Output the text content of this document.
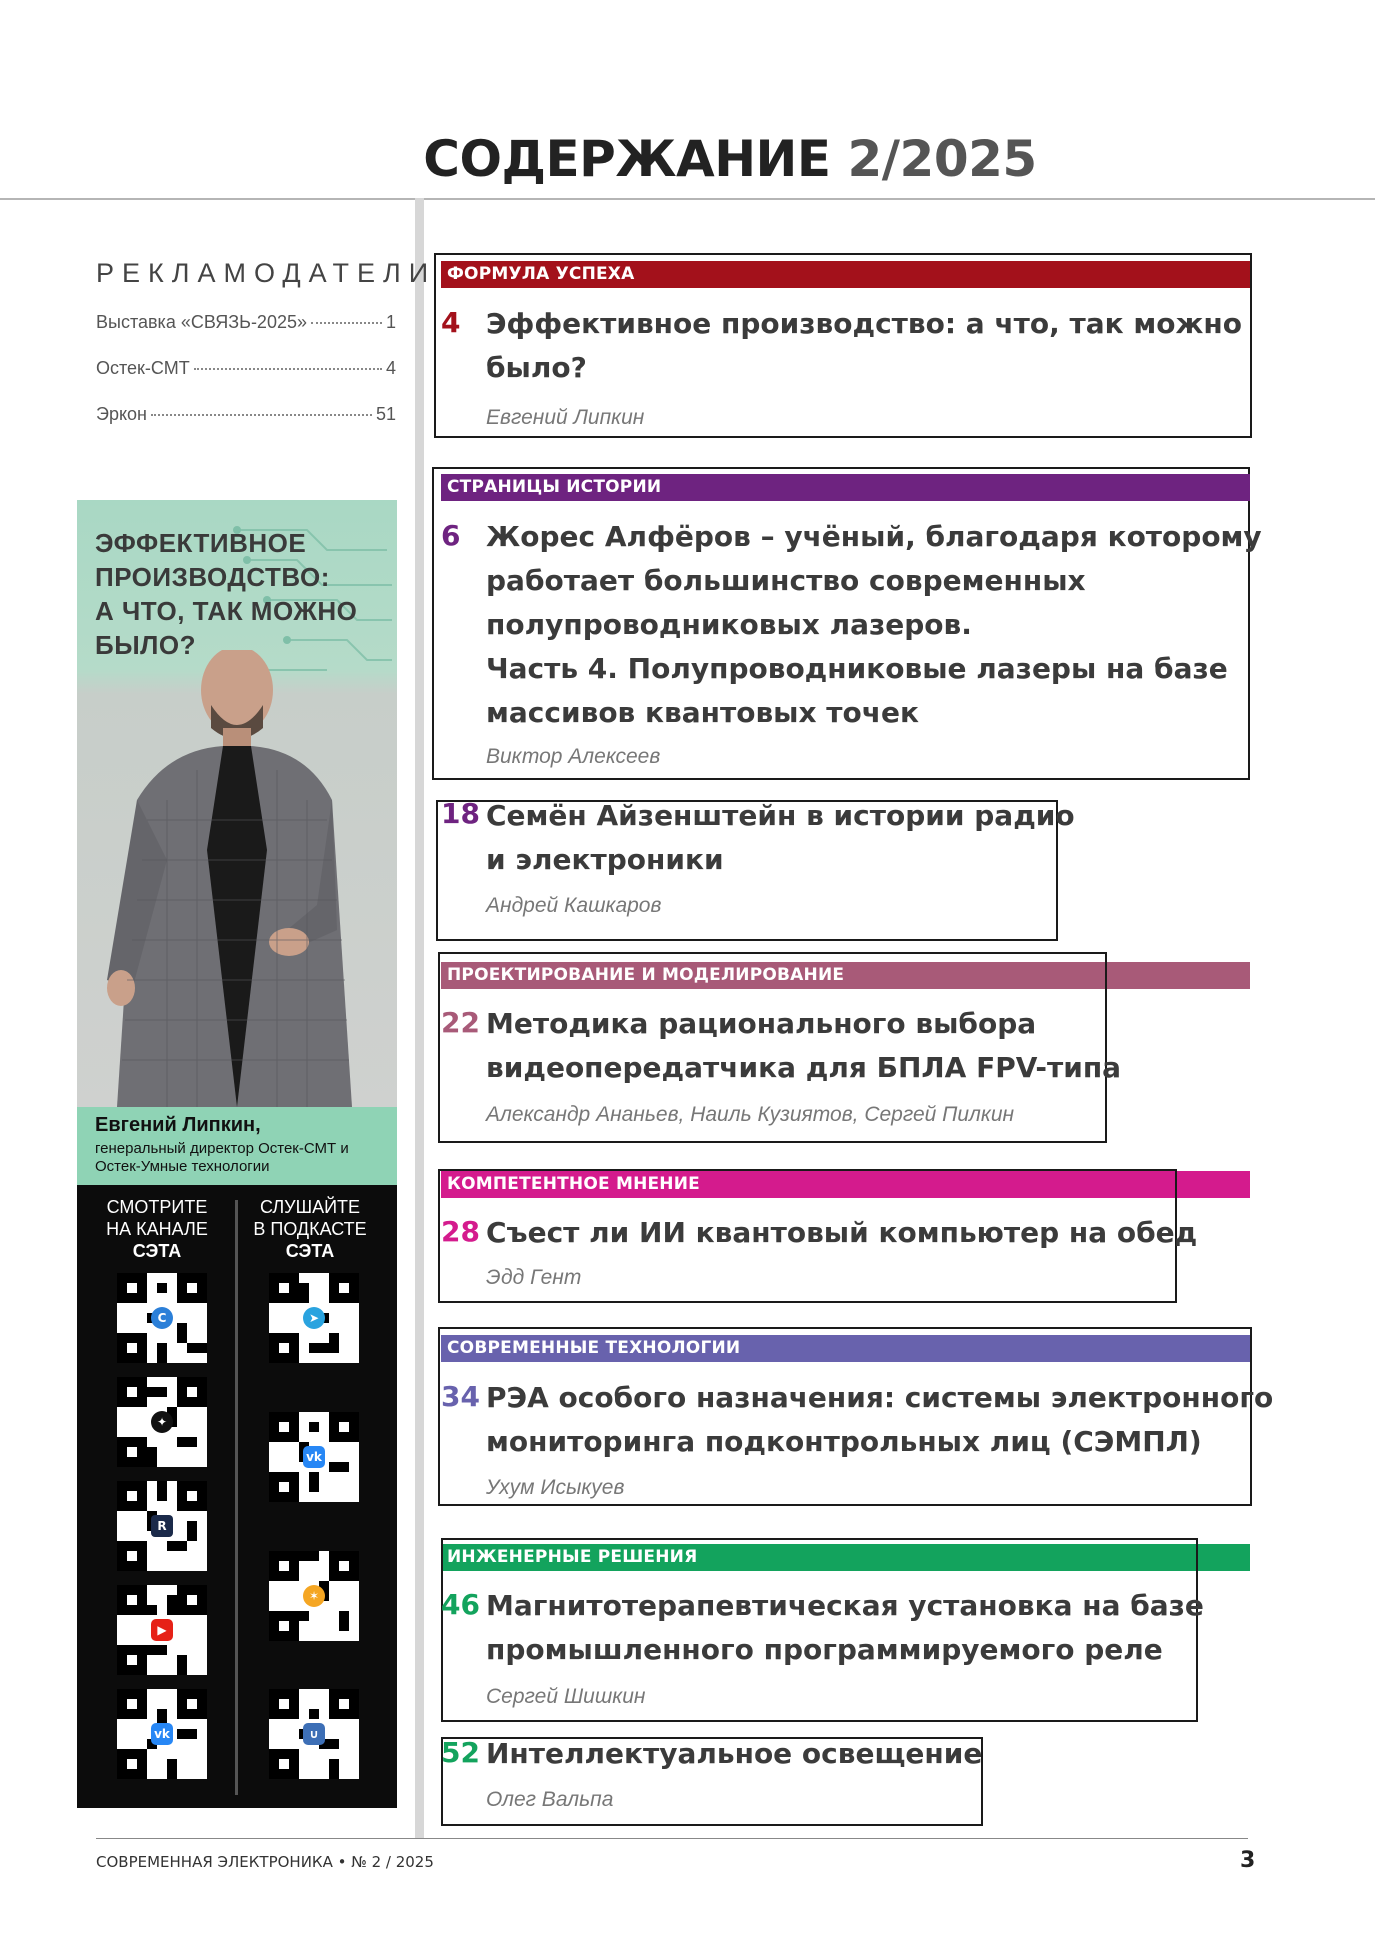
СОДЕРЖАНИЕ 2/2025
РЕКЛАМОДАТЕЛИ
Выставка «СВЯЗЬ-2025»	1
Остек-СМТ	4
Эркон	51
ЭФФЕКТИВНОЕ
ПРОИЗВОДСТВО:
А ЧТО, ТАК МОЖНО
БЫЛО?
Евгений Липкин,
генеральный директор Остек-СМТ и Остек-Умные технологии
СМОТРИТЕ
НА КАНАЛЕ
СЭТА
СЛУШАЙТЕ
В ПОДКАСТЕ
СЭТА
С
✦
R
▶
vk
➤
vk
✶
∪
ФОРМУЛА УСПЕХА
4 Эффективное производство: а что, так можно
было?
Евгений Липкин
СТРАНИЦЫ ИСТОРИИ
6 Жорес Алфёров – учёный, благодаря которому
работает большинство современных
полупроводниковых лазеров.
Часть 4. Полупроводниковые лазеры на базе
массивов квантовых точек
Виктор Алексеев
18 Семён Айзенштейн в истории радио
и электроники
Андрей Кашкаров
ПРОЕКТИРОВАНИЕ И МОДЕЛИРОВАНИЕ
22 Методика рационального выбора
видеопередатчика для БПЛА FPV-типа
Александр Ананьев, Наиль Кузиятов, Сергей Пилкин
КОМПЕТЕНТНОЕ МНЕНИЕ
28 Съест ли ИИ квантовый компьютер на обед
Эдд Гент
СОВРЕМЕННЫЕ ТЕХНОЛОГИИ
34 РЭА особого назначения: системы электронного
мониторинга подконтрольных лиц (СЭМПЛ)
Ухум Исыкуев
ИНЖЕНЕРНЫЕ РЕШЕНИЯ
46 Магнитотерапевтическая установка на базе
промышленного программируемого реле
Сергей Шишкин
52 Интеллектуальное освещение
Олег Вальпа
СОВРЕМЕННАЯ ЭЛЕКТРОНИКА • № 2 / 2025	3
